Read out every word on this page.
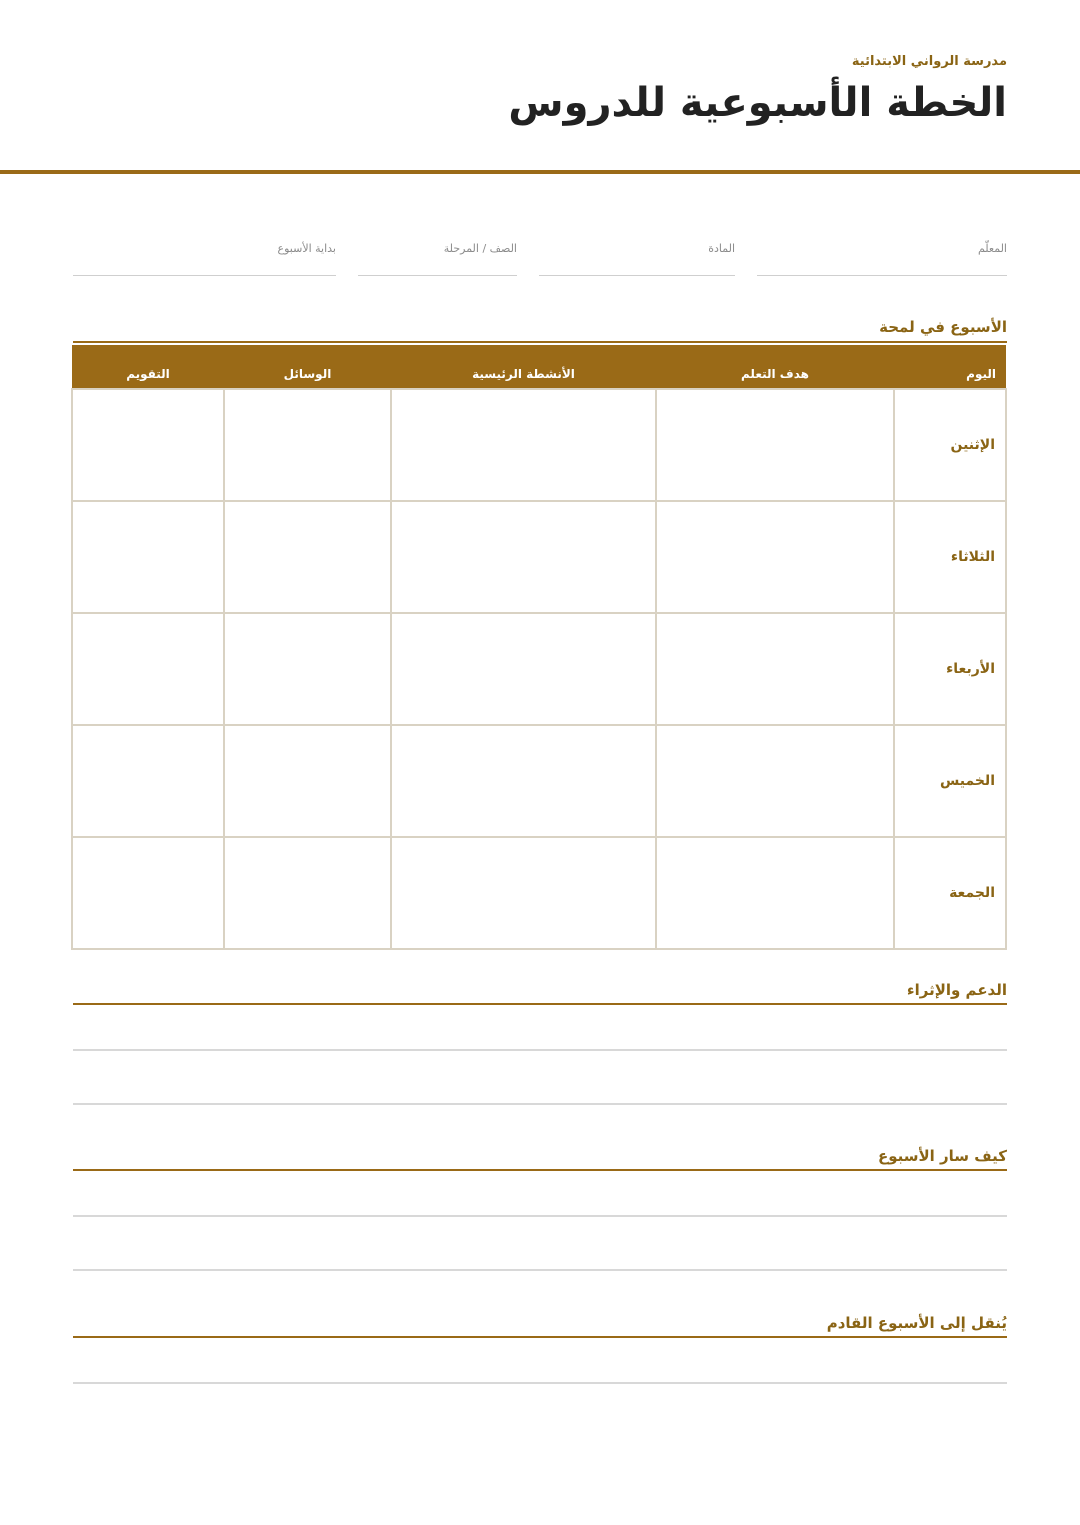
مدرسة الرواني الابتدائية
الخطة الأسبوعية للدروس
المعلّم
المادة
الصف / المرحلة
بداية الأسبوع
الأسبوع في لمحة
اليوم	هدف التعلم	الأنشطة الرئيسية	الوسائل	التقويم
الإثنين				
الثلاثاء				
الأربعاء				
الخميس				
الجمعة				
الدعم والإثراء
كيف سار الأسبوع
يُنقل إلى الأسبوع القادم
